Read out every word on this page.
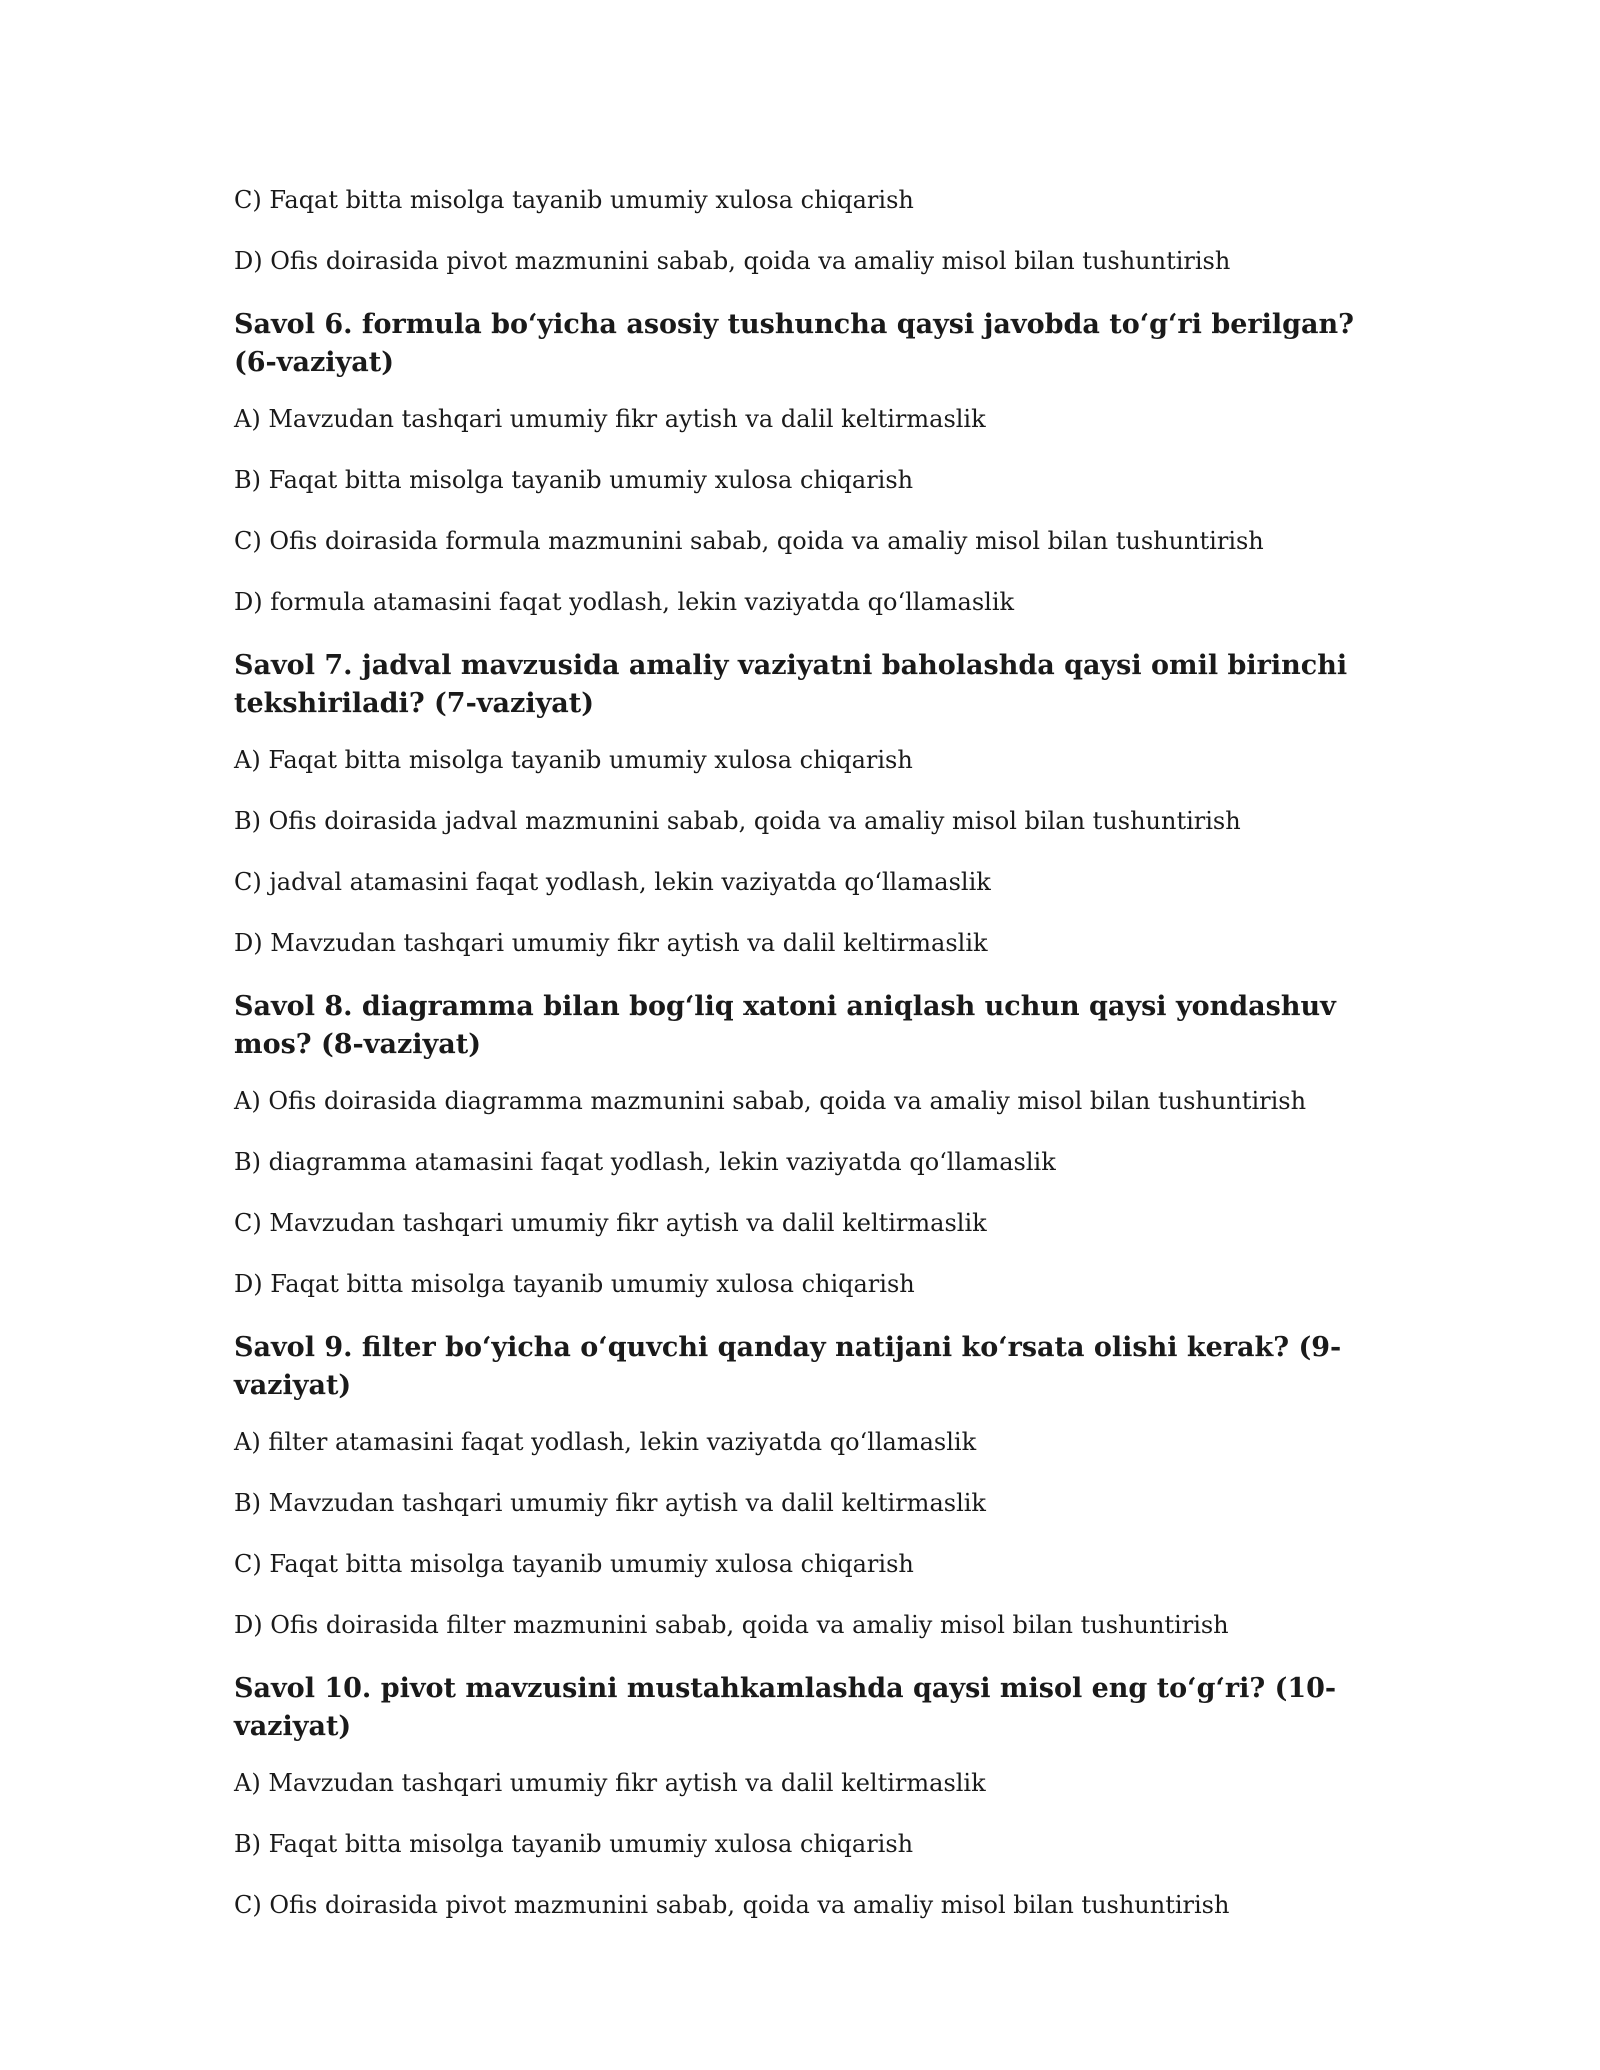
C) Faqat bitta misolga tayanib umumiy xulosa chiqarish

D) Ofis doirasida pivot mazmunini sabab, qoida va amaliy misol bilan tushuntirish

Savol 6. formula bo‘yicha asosiy tushuncha qaysi javobda to‘g‘ri berilgan? (6-vaziyat)

A) Mavzudan tashqari umumiy fikr aytish va dalil keltirmaslik

B) Faqat bitta misolga tayanib umumiy xulosa chiqarish

C) Ofis doirasida formula mazmunini sabab, qoida va amaliy misol bilan tushuntirish

D) formula atamasini faqat yodlash, lekin vaziyatda qo‘llamaslik

Savol 7. jadval mavzusida amaliy vaziyatni baholashda qaysi omil birinchi tekshiriladi? (7-vaziyat)

A) Faqat bitta misolga tayanib umumiy xulosa chiqarish

B) Ofis doirasida jadval mazmunini sabab, qoida va amaliy misol bilan tushuntirish

C) jadval atamasini faqat yodlash, lekin vaziyatda qo‘llamaslik

D) Mavzudan tashqari umumiy fikr aytish va dalil keltirmaslik

Savol 8. diagramma bilan bog‘liq xatoni aniqlash uchun qaysi yondashuv mos? (8-vaziyat)

A) Ofis doirasida diagramma mazmunini sabab, qoida va amaliy misol bilan tushuntirish

B) diagramma atamasini faqat yodlash, lekin vaziyatda qo‘llamaslik

C) Mavzudan tashqari umumiy fikr aytish va dalil keltirmaslik

D) Faqat bitta misolga tayanib umumiy xulosa chiqarish

Savol 9. filter bo‘yicha o‘quvchi qanday natijani ko‘rsata olishi kerak? (9-vaziyat)

A) filter atamasini faqat yodlash, lekin vaziyatda qo‘llamaslik

B) Mavzudan tashqari umumiy fikr aytish va dalil keltirmaslik

C) Faqat bitta misolga tayanib umumiy xulosa chiqarish

D) Ofis doirasida filter mazmunini sabab, qoida va amaliy misol bilan tushuntirish

Savol 10. pivot mavzusini mustahkamlashda qaysi misol eng to‘g‘ri? (10-vaziyat)

A) Mavzudan tashqari umumiy fikr aytish va dalil keltirmaslik

B) Faqat bitta misolga tayanib umumiy xulosa chiqarish

C) Ofis doirasida pivot mazmunini sabab, qoida va amaliy misol bilan tushuntirish
